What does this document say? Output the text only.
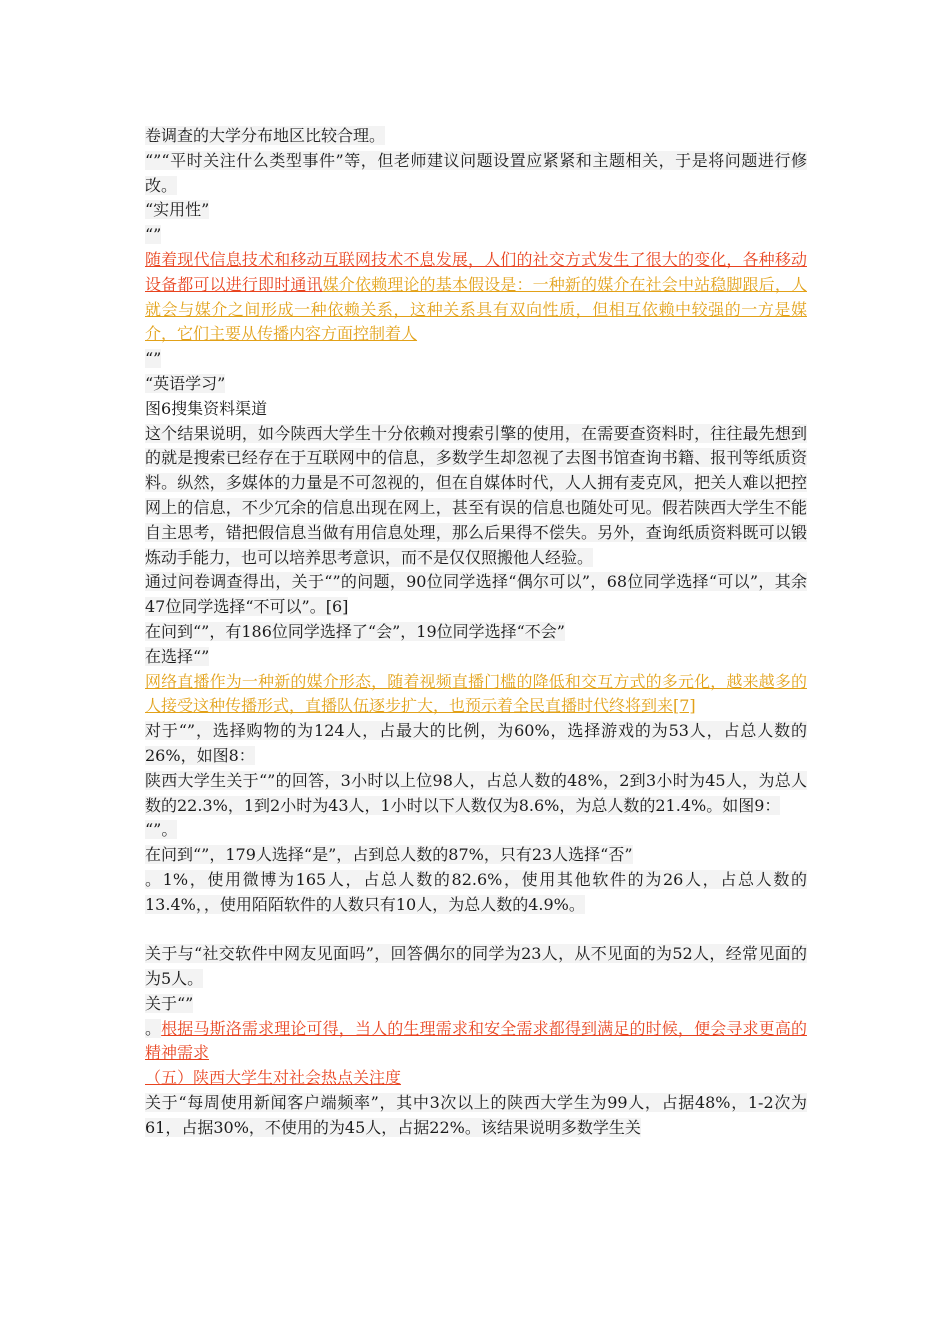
卷调查的大学分布地区比较合理。

“”“平时关注什么类型事件”等，但老师建议问题设置应紧紧和主题相关，于是将问题进行修改。

“实用性”

“”

随着现代信息技术和移动互联网技术不息发展，人们的社交方式发生了很大的变化，各种移动设备都可以进行即时通讯媒介依赖理论的基本假设是：一种新的媒介在社会中站稳脚跟后，人就会与媒介之间形成一种依赖关系，这种关系具有双向性质，但相互依赖中较强的一方是媒介，它们主要从传播内容方面控制着人

“”

“英语学习”

图6搜集资料渠道

这个结果说明，如今陕西大学生十分依赖对搜索引擎的使用，在需要查资料时，往往最先想到的就是搜索已经存在于互联网中的信息，多数学生却忽视了去图书馆查询书籍、报刊等纸质资料。纵然，多媒体的力量是不可忽视的，但在自媒体时代，人人拥有麦克风，把关人难以把控网上的信息，不少冗余的信息出现在网上，甚至有误的信息也随处可见。假若陕西大学生不能自主思考，错把假信息当做有用信息处理，那么后果得不偿失。另外，查询纸质资料既可以锻炼动手能力，也可以培养思考意识，而不是仅仅照搬他人经验。

通过问卷调查得出，关于“”的问题，90位同学选择“偶尔可以”，68位同学选择“可以”，其余47位同学选择“不可以”。[6]

在问到“”，有186位同学选择了“会”，19位同学选择“不会”

在选择“”

网络直播作为一种新的媒介形态，随着视频直播门槛的降低和交互方式的多元化，越来越多的人接受这种传播形式，直播队伍逐步扩大，也预示着全民直播时代终将到来[7]

对于“”，选择购物的为124人，占最大的比例，为60%，选择游戏的为53人，占总人数的26%，如图8：

陕西大学生关于“”的回答，3小时以上位98人，占总人数的48%，2到3小时为45人，为总人数的22.3%，1到2小时为43人，1小时以下人数仅为8.6%，为总人数的21.4%。如图9：

“”。

在问到“”，179人选择“是”，占到总人数的87%，只有23人选择“否”

。1%，使用微博为165人，占总人数的82.6%，使用其他软件的为26人，占总人数的13.4%，，使用陌陌软件的人数只有10人，为总人数的4.9%。

关于与“社交软件中网友见面吗”，回答偶尔的同学为23人，从不见面的为52人，经常见面的为5人。

关于“”

。根据马斯洛需求理论可得，当人的生理需求和安全需求都得到满足的时候，便会寻求更高的精神需求

（五）陕西大学生对社会热点关注度

关于“每周使用新闻客户端频率”，其中3次以上的陕西大学生为99人，占据48%，1-2次为61，占据30%，不使用的为45人，占据22%。该结果说明多数学生关
